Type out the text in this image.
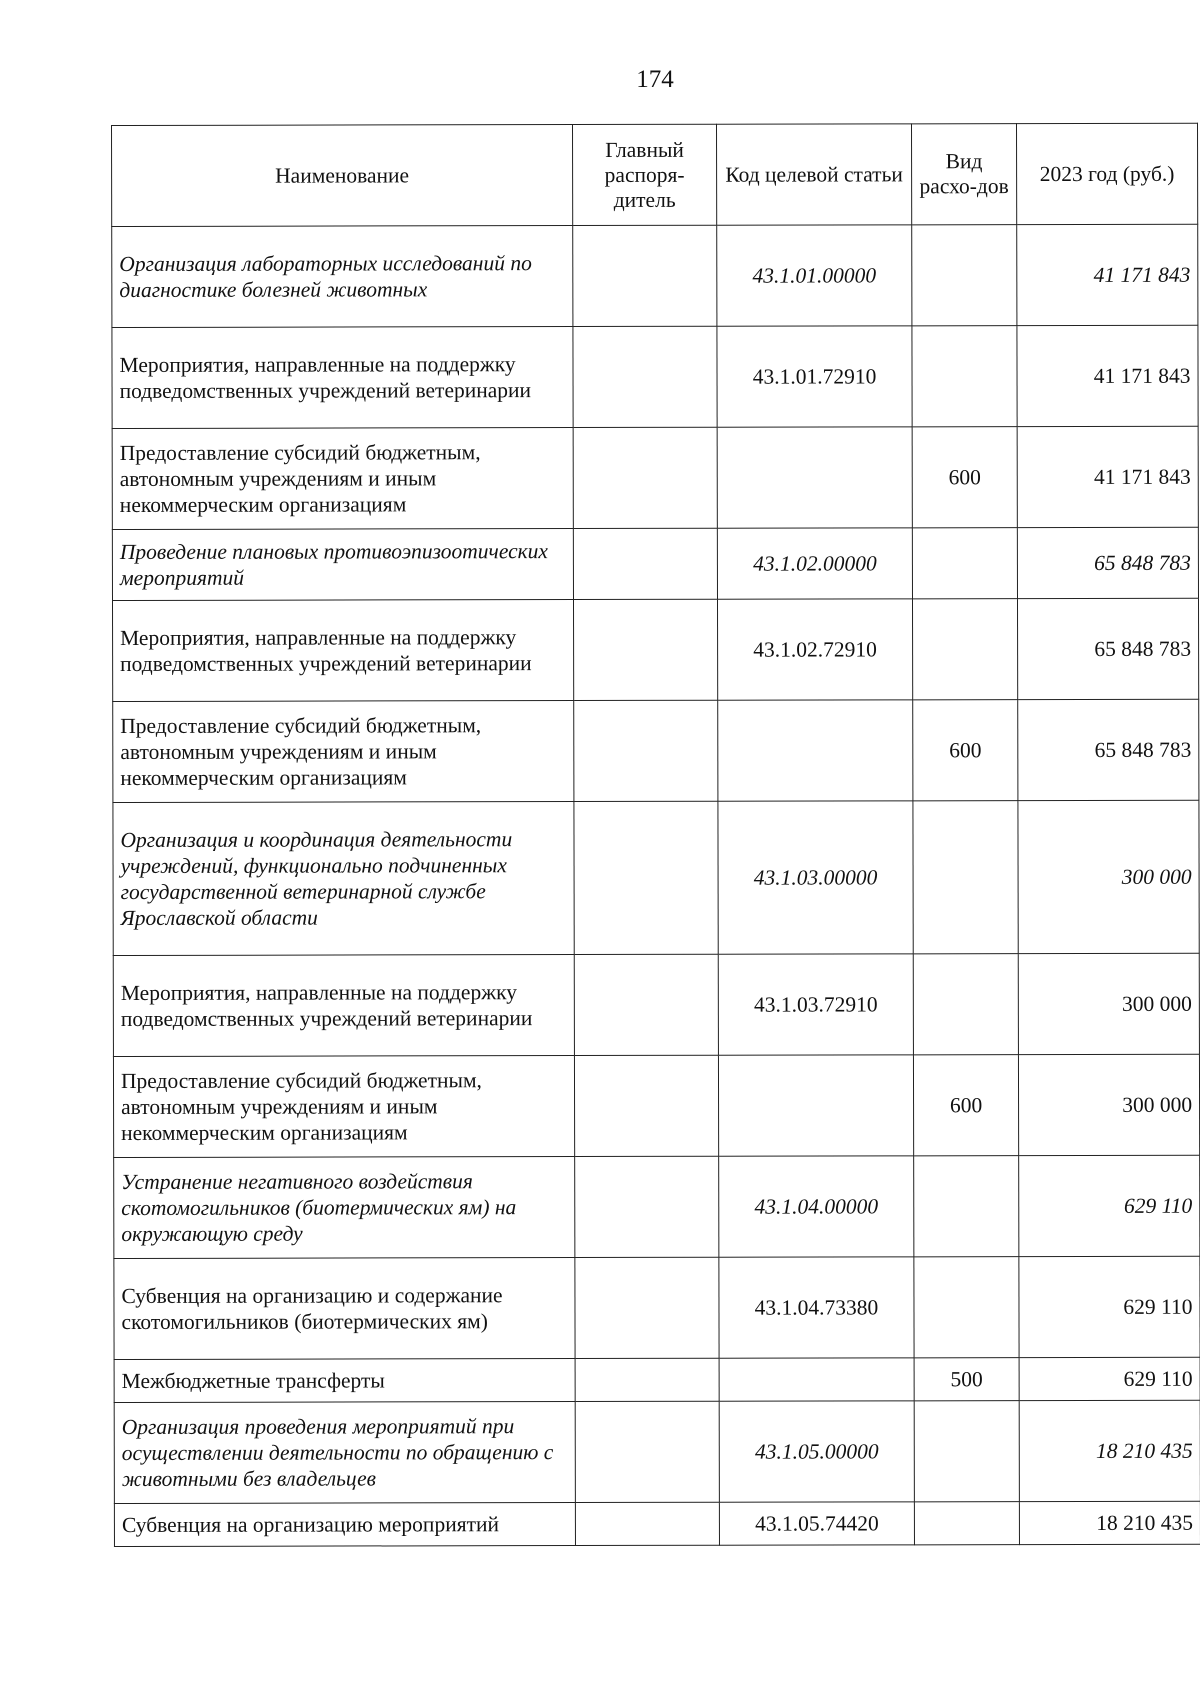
174
Наименование	Главный распоря-дитель	Код целевой статьи	Вид расхо-дов	2023 год (руб.)
Организация лабораторных исследований по диагностике болезней животных		43.1.01.00000		41 171 843
Мероприятия, направленные на поддержку подведомственных учреждений ветеринарии		43.1.01.72910		41 171 843
Предоставление субсидий бюджетным, автономным учреждениям и иным некоммерческим организациям			600	41 171 843
Проведение плановых противоэпизоотических мероприятий		43.1.02.00000		65 848 783
Мероприятия, направленные на поддержку подведомственных учреждений ветеринарии		43.1.02.72910		65 848 783
Предоставление субсидий бюджетным, автономным учреждениям и иным некоммерческим организациям			600	65 848 783
Организация и координация деятельности учреждений, функционально подчиненных государственной ветеринарной службе Ярославской области		43.1.03.00000		300 000
Мероприятия, направленные на поддержку подведомственных учреждений ветеринарии		43.1.03.72910		300 000
Предоставление субсидий бюджетным, автономным учреждениям и иным некоммерческим организациям			600	300 000
Устранение негативного воздействия скотомогильников (биотермических ям) на окружающую среду		43.1.04.00000		629 110
Субвенция на организацию и содержание скотомогильников (биотермических ям)		43.1.04.73380		629 110
Межбюджетные трансферты			500	629 110
Организация проведения мероприятий при осуществлении деятельности по обращению с животными без владельцев		43.1.05.00000		18 210 435
Субвенция на организацию мероприятий		43.1.05.74420		18 210 435
